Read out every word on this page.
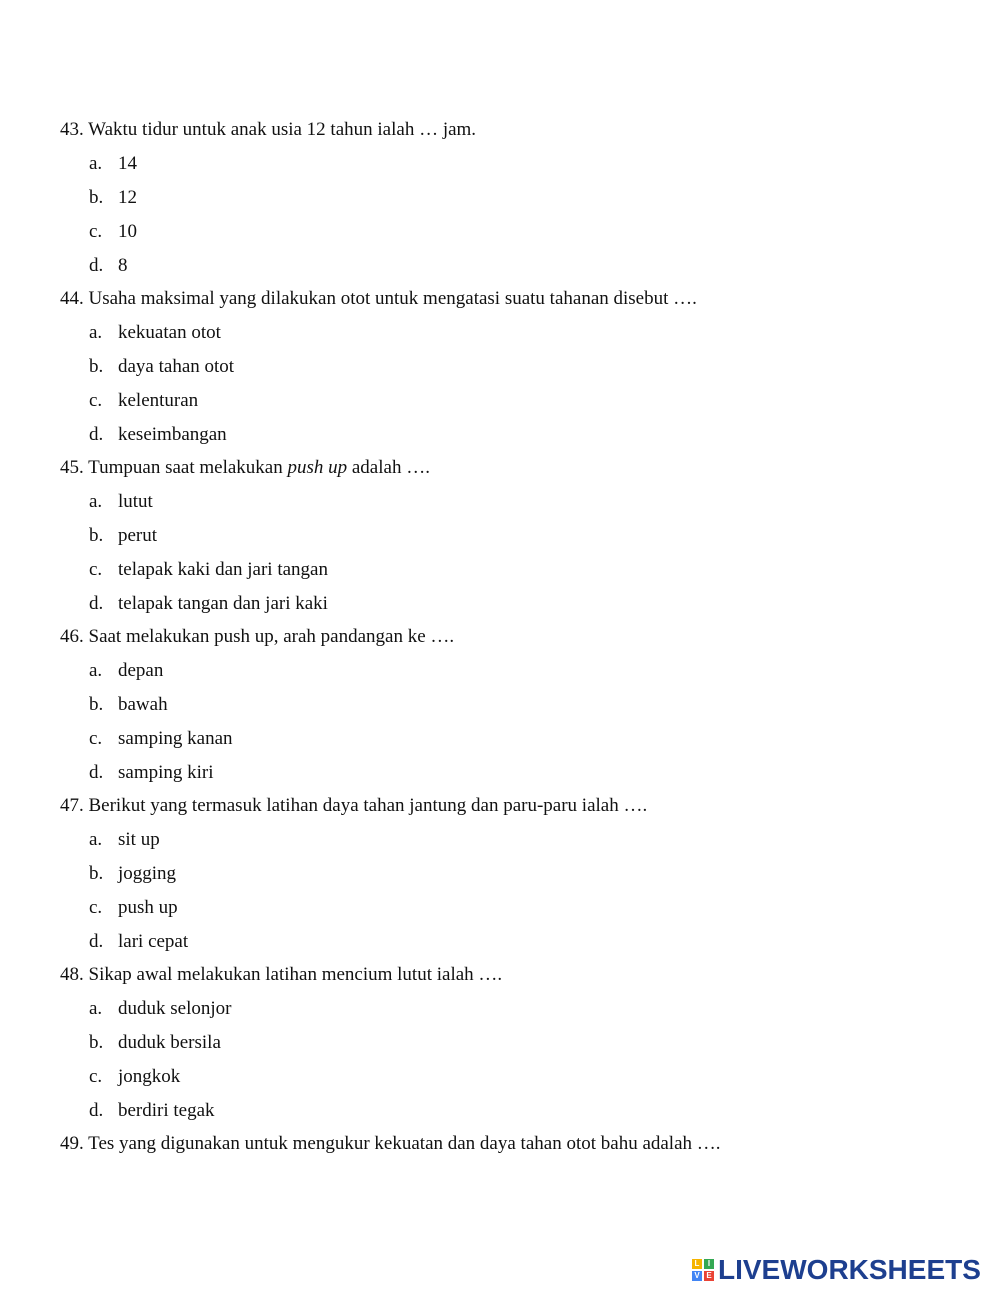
43. Waktu tidur untuk anak usia 12 tahun ialah … jam.
a. 14
b. 12
c. 10
d. 8
44. Usaha maksimal yang dilakukan otot untuk mengatasi suatu tahanan disebut ….
a. kekuatan otot
b. daya tahan otot
c. kelenturan
d. keseimbangan
45. Tumpuan saat melakukan push up adalah ….
a. lutut
b. perut
c. telapak kaki dan jari tangan
d. telapak tangan dan jari kaki
46. Saat melakukan push up, arah pandangan ke ….
a. depan
b. bawah
c. samping kanan
d. samping kiri
47. Berikut yang termasuk latihan daya tahan jantung dan paru-paru ialah ….
a. sit up
b. jogging
c. push up
d. lari cepat
48. Sikap awal melakukan latihan mencium lutut ialah ….
a. duduk selonjor
b. duduk bersila
c. jongkok
d. berdiri tegak
49. Tes yang digunakan untuk mengukur kekuatan dan daya tahan otot bahu adalah ….
L	I
V E LIVEWORKSHEETS
